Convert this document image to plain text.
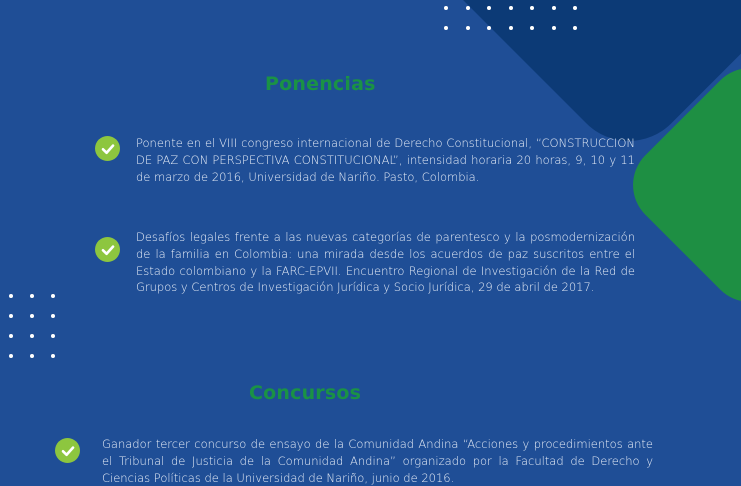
Ponencias

Ponente en el VIII congreso internacional de Derecho Constitucional, “CONSTRUCCION DE PAZ CON PERSPECTIVA CONSTITUCIONAL”, intensidad horaria 20 horas, 9, 10 y 11 de marzo de 2016, Universidad de Nariño. Pasto, Colombia.

Desafíos legales frente a las nuevas categorías de parentesco y la posmodernización de la familia en Colombia: una mirada desde los acuerdos de paz suscritos entre el Estado colombiano y la FARC-EPVII. Encuentro Regional de Investigación de la Red de Grupos y Centros de Investigación Jurídica y Socio Jurídica, 29 de abril de 2017.

Concursos

Ganador tercer concurso de ensayo de la Comunidad Andina “Acciones y procedimientos ante el Tribunal de Justicia de la Comunidad Andina” organizado por la Facultad de Derecho y Ciencias Políticas de la Universidad de Nariño, junio de 2016.
